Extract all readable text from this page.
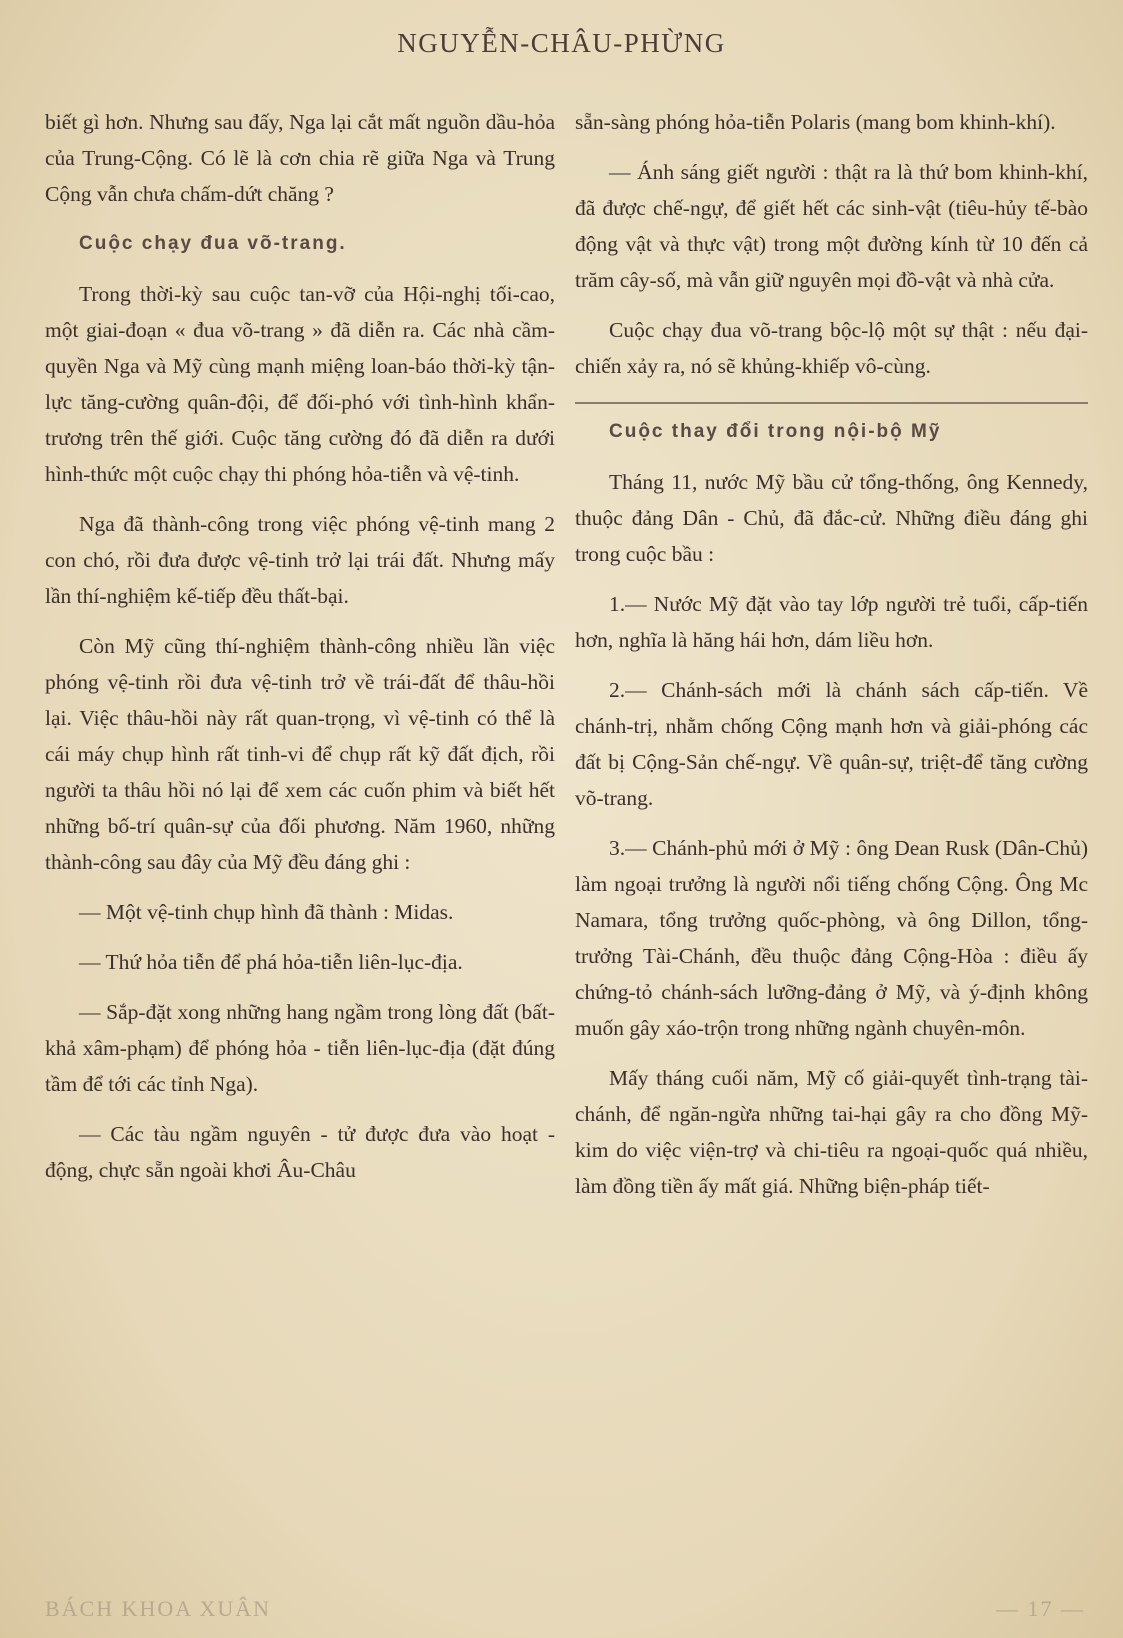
NGUYỄN-CHÂU-PHỪNG

biết gì hơn. Nhưng sau đấy, Nga lại cắt mất nguồn dầu-hỏa của Trung-Cộng. Có lẽ là cơn chia rẽ giữa Nga và Trung Cộng vẫn chưa chấm-dứt chăng ?

Cuộc chạy đua võ-trang.

Trong thời-kỳ sau cuộc tan-vỡ của Hội-nghị tối-cao, một giai-đoạn « đua võ-trang » đã diễn ra. Các nhà cầm-quyền Nga và Mỹ cùng mạnh miệng loan-báo thời-kỳ tận-lực tăng-cường quân-đội, để đối-phó với tình-hình khẩn-trương trên thế giới. Cuộc tăng cường đó đã diễn ra dưới hình-thức một cuộc chạy thi phóng hỏa-tiễn và vệ-tinh.

Nga đã thành-công trong việc phóng vệ-tinh mang 2 con chó, rồi đưa được vệ-tinh trở lại trái đất. Nhưng mấy lần thí-nghiệm kế-tiếp đều thất-bại.

Còn Mỹ cũng thí-nghiệm thành-công nhiều lần việc phóng vệ-tinh rồi đưa vệ-tinh trở về trái-đất để thâu-hồi lại. Việc thâu-hồi này rất quan-trọng, vì vệ-tinh có thể là cái máy chụp hình rất tinh-vi để chụp rất kỹ đất địch, rồi người ta thâu hồi nó lại để xem các cuốn phim và biết hết những bố-trí quân-sự của đối phương. Năm 1960, những thành-công sau đây của Mỹ đều đáng ghi :

— Một vệ-tinh chụp hình đã thành : Midas.

— Thứ hỏa tiễn để phá hỏa-tiễn liên-lục-địa.

— Sắp-đặt xong những hang ngầm trong lòng đất (bất-khả xâm-phạm) để phóng hỏa - tiễn liên-lục-địa (đặt đúng tầm để tới các tỉnh Nga).

— Các tàu ngầm nguyên - tử được đưa vào hoạt - động, chực sẵn ngoài khơi Âu-Châu

sẵn-sàng phóng hỏa-tiễn Polaris (mang bom khinh-khí).

— Ánh sáng giết người : thật ra là thứ bom khinh-khí, đã được chế-ngự, để giết hết các sinh-vật (tiêu-hủy tế-bào động vật và thực vật) trong một đường kính từ 10 đến cả trăm cây-số, mà vẫn giữ nguyên mọi đồ-vật và nhà cửa.

Cuộc chạy đua võ-trang bộc-lộ một sự thật : nếu đại-chiến xảy ra, nó sẽ khủng-khiếp vô-cùng.

Cuộc thay đổi trong nội-bộ Mỹ

Tháng 11, nước Mỹ bầu cử tổng-thống, ông Kennedy, thuộc đảng Dân - Chủ, đã đắc-cử. Những điều đáng ghi trong cuộc bầu :

1.— Nước Mỹ đặt vào tay lớp người trẻ tuổi, cấp-tiến hơn, nghĩa là hăng hái hơn, dám liều hơn.

2.— Chánh-sách mới là chánh sách cấp-tiến. Về chánh-trị, nhằm chống Cộng mạnh hơn và giải-phóng các đất bị Cộng-Sản chế-ngự. Về quân-sự, triệt-để tăng cường võ-trang.

3.— Chánh-phủ mới ở Mỹ : ông Dean Rusk (Dân-Chủ) làm ngoại trưởng là người nổi tiếng chống Cộng. Ông Mc Namara, tổng trưởng quốc-phòng, và ông Dillon, tổng-trưởng Tài-Chánh, đều thuộc đảng Cộng-Hòa : điều ấy chứng-tỏ chánh-sách lưỡng-đảng ở Mỹ, và ý-định không muốn gây xáo-trộn trong những ngành chuyên-môn.

Mấy tháng cuối năm, Mỹ cố giải-quyết tình-trạng tài-chánh, để ngăn-ngừa những tai-hại gây ra cho đồng Mỹ-kim do việc viện-trợ và chi-tiêu ra ngoại-quốc quá nhiều, làm đồng tiền ấy mất giá. Những biện-pháp tiết-

BÁCH KHOA XUÂN	— 17 —
